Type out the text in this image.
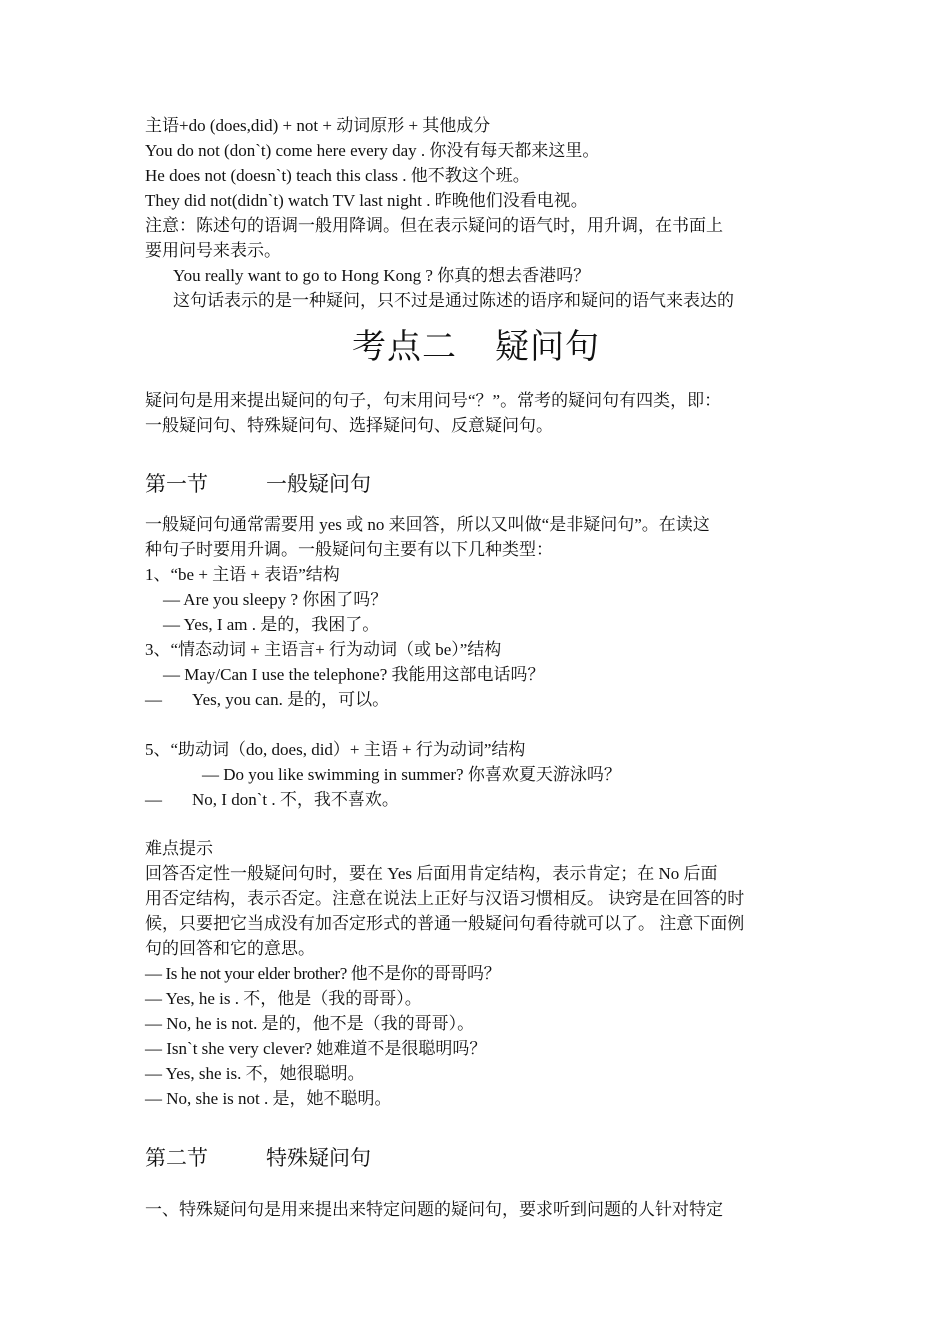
主语+do (does,did) + not + 动词原形 + 其他成分
You do not (don`t) come here every day . 你没有每天都来这里。
He does not (doesn`t) teach this class . 他不教这个班。
They did not(didn`t) watch TV last night . 昨晚他们没看电视。
注意：陈述句的语调一般用降调。但在表示疑问的语气时，用升调，在书面上
要用问号来表示。
You really want to go to Hong Kong ? 你真的想去香港吗？
这句话表示的是一种疑问，只不过是通过陈述的语序和疑问的语气来表达的
考点二 疑问句
疑问句是用来提出疑问的句子，句末用问号“？”。常考的疑问句有四类，即：
一般疑问句、特殊疑问句、选择疑问句、反意疑问句。
第一节	一般疑问句
一般疑问句通常需要用 yes 或 no 来回答，所以又叫做“是非疑问句”。在读这
种句子时要用升调。一般疑问句主要有以下几种类型：
1、“be + 主语 + 表语”结构
— Are you sleepy ? 你困了吗？
— Yes, I am . 是的，我困了。
3、“情态动词 + 主语言+ 行为动词（或 be）”结构
— May/Can I use the telephone? 我能用这部电话吗？
— Yes, you can. 是的，可以。
5、“助动词（do, does, did）+ 主语 + 行为动词”结构
— Do you like swimming in summer? 你喜欢夏天游泳吗？
— No, I don`t . 不，我不喜欢。
难点提示
回答否定性一般疑问句时，要在 Yes 后面用肯定结构，表示肯定；在 No 后面
用否定结构，表示否定。注意在说法上正好与汉语习惯相反。 诀窍是在回答的时
候，只要把它当成没有加否定形式的普通一般疑问句看待就可以了。 注意下面例
句的回答和它的意思。
— Is he not your elder brother? 他不是你的哥哥吗？
— Yes, he is . 不，他是（我的哥哥）。
— No, he is not. 是的，他不是（我的哥哥）。
— Isn`t she very clever? 她难道不是很聪明吗？
— Yes, she is. 不，她很聪明。
— No, she is not . 是，她不聪明。
第二节	特殊疑问句
一、特殊疑问句是用来提出来特定问题的疑问句，要求听到问题的人针对特定
